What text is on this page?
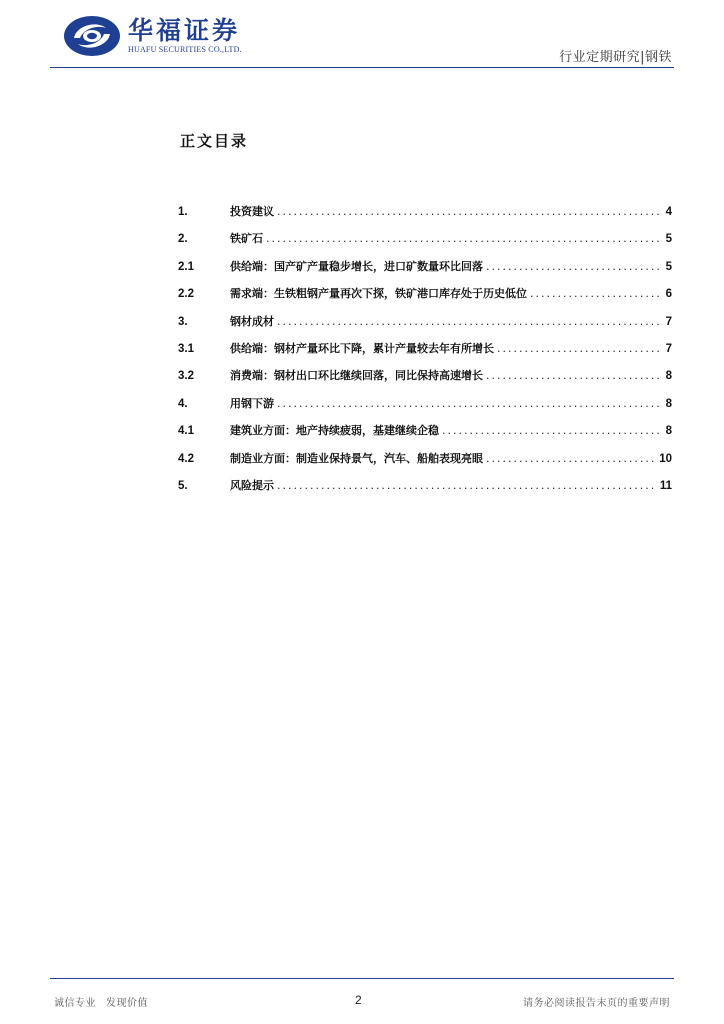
华福证券
HUAFU SECURITIES CO.,LTD.
行业定期研究|钢铁
正文目录
1.	投资建议 .....	4
2.	铁矿石 .....	5
2.1	供给端：国产矿产量稳步增长，进口矿数量环比回落 .....	5
2.2	需求端：生铁粗钢产量再次下探，铁矿港口库存处于历史低位 .....	6
3.	钢材成材 .....	7
3.1	供给端：钢材产量环比下降，累计产量较去年有所增长 .....	7
3.2	消费端：钢材出口环比继续回落，同比保持高速增长 .....	8
4.	用钢下游 .....	8
4.1	建筑业方面：地产持续疲弱，基建继续企稳 .....	8
4.2	制造业方面：制造业保持景气，汽车、船舶表现亮眼 .....	10
5.	风险提示 .....	11
诚信专业 发现价值	2	请务必阅读报告末页的重要声明
